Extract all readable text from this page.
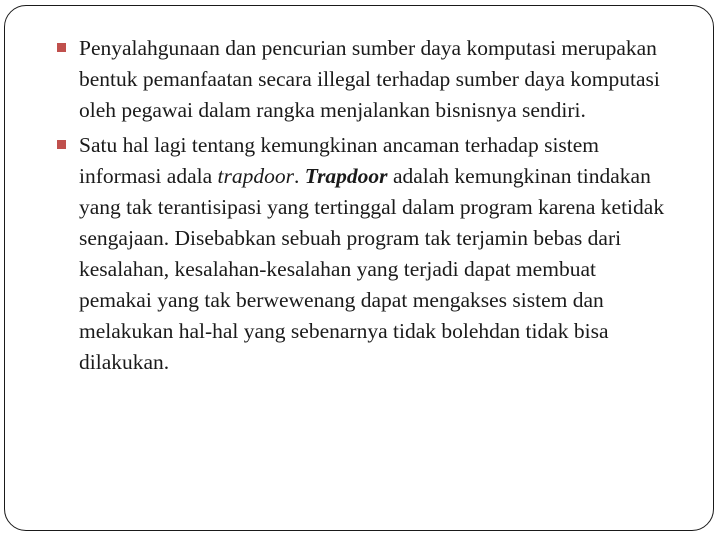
Penyalahgunaan dan pencurian sumber daya komputasi merupakan bentuk pemanfaatan secara illegal terhadap sumber daya komputasi oleh pegawai dalam rangka menjalankan bisnisnya sendiri.
Satu hal lagi tentang kemungkinan ancaman terhadap sistem informasi adala trapdoor. Trapdoor adalah kemungkinan tindakan yang tak terantisipasi yang tertinggal dalam program karena ketidak sengajaan. Disebabkan sebuah program tak terjamin bebas dari kesalahan, kesalahan-kesalahan yang terjadi dapat membuat pemakai yang tak berwewenang dapat mengakses sistem dan melakukan hal-hal yang sebenarnya tidak bolehdan tidak bisa dilakukan.
